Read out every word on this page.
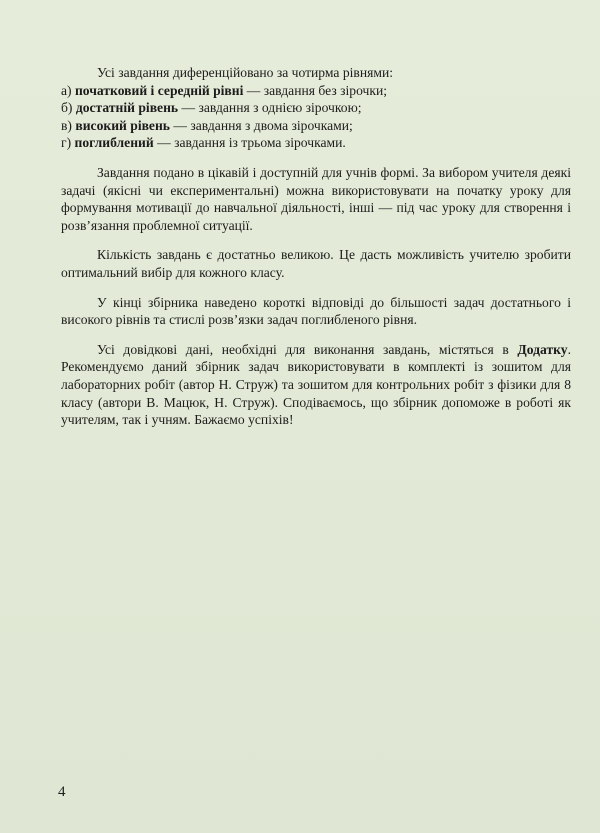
Усі завдання диференційовано за чотирма рівнями:
а) початковий і середній рівні — завдання без зірочки;
б) достатній рівень — завдання з однією зірочкою;
в) високий рівень — завдання з двома зірочками;
г) поглиблений — завдання із трьома зірочками.

Завдання подано в цікавій і доступній для учнів формі. За вибором учителя деякі задачі (якісні чи експериментальні) можна використовувати на початку уроку для формування мотивації до навчальної діяльності, інші — під час уроку для створення і розв’язання проблемної ситуації.

Кількість завдань є достатньо великою. Це дасть можливість учителю зробити оптимальний вибір для кожного класу.

У кінці збірника наведено короткі відповіді до більшості задач достатнього і високого рівнів та стислі розв’язки задач поглибленого рівня.

Усі довідкові дані, необхідні для виконання завдань, містяться в Додатку. Рекомендуємо даний збірник задач використовувати в комплекті із зошитом для лабораторних робіт (автор Н. Струж) та зошитом для контрольних робіт з фізики для 8 класу (автори В. Мацюк, Н. Струж). Сподіваємось, що збірник допоможе в роботі як учителям, так і учням. Бажаємо успіхів!

4
